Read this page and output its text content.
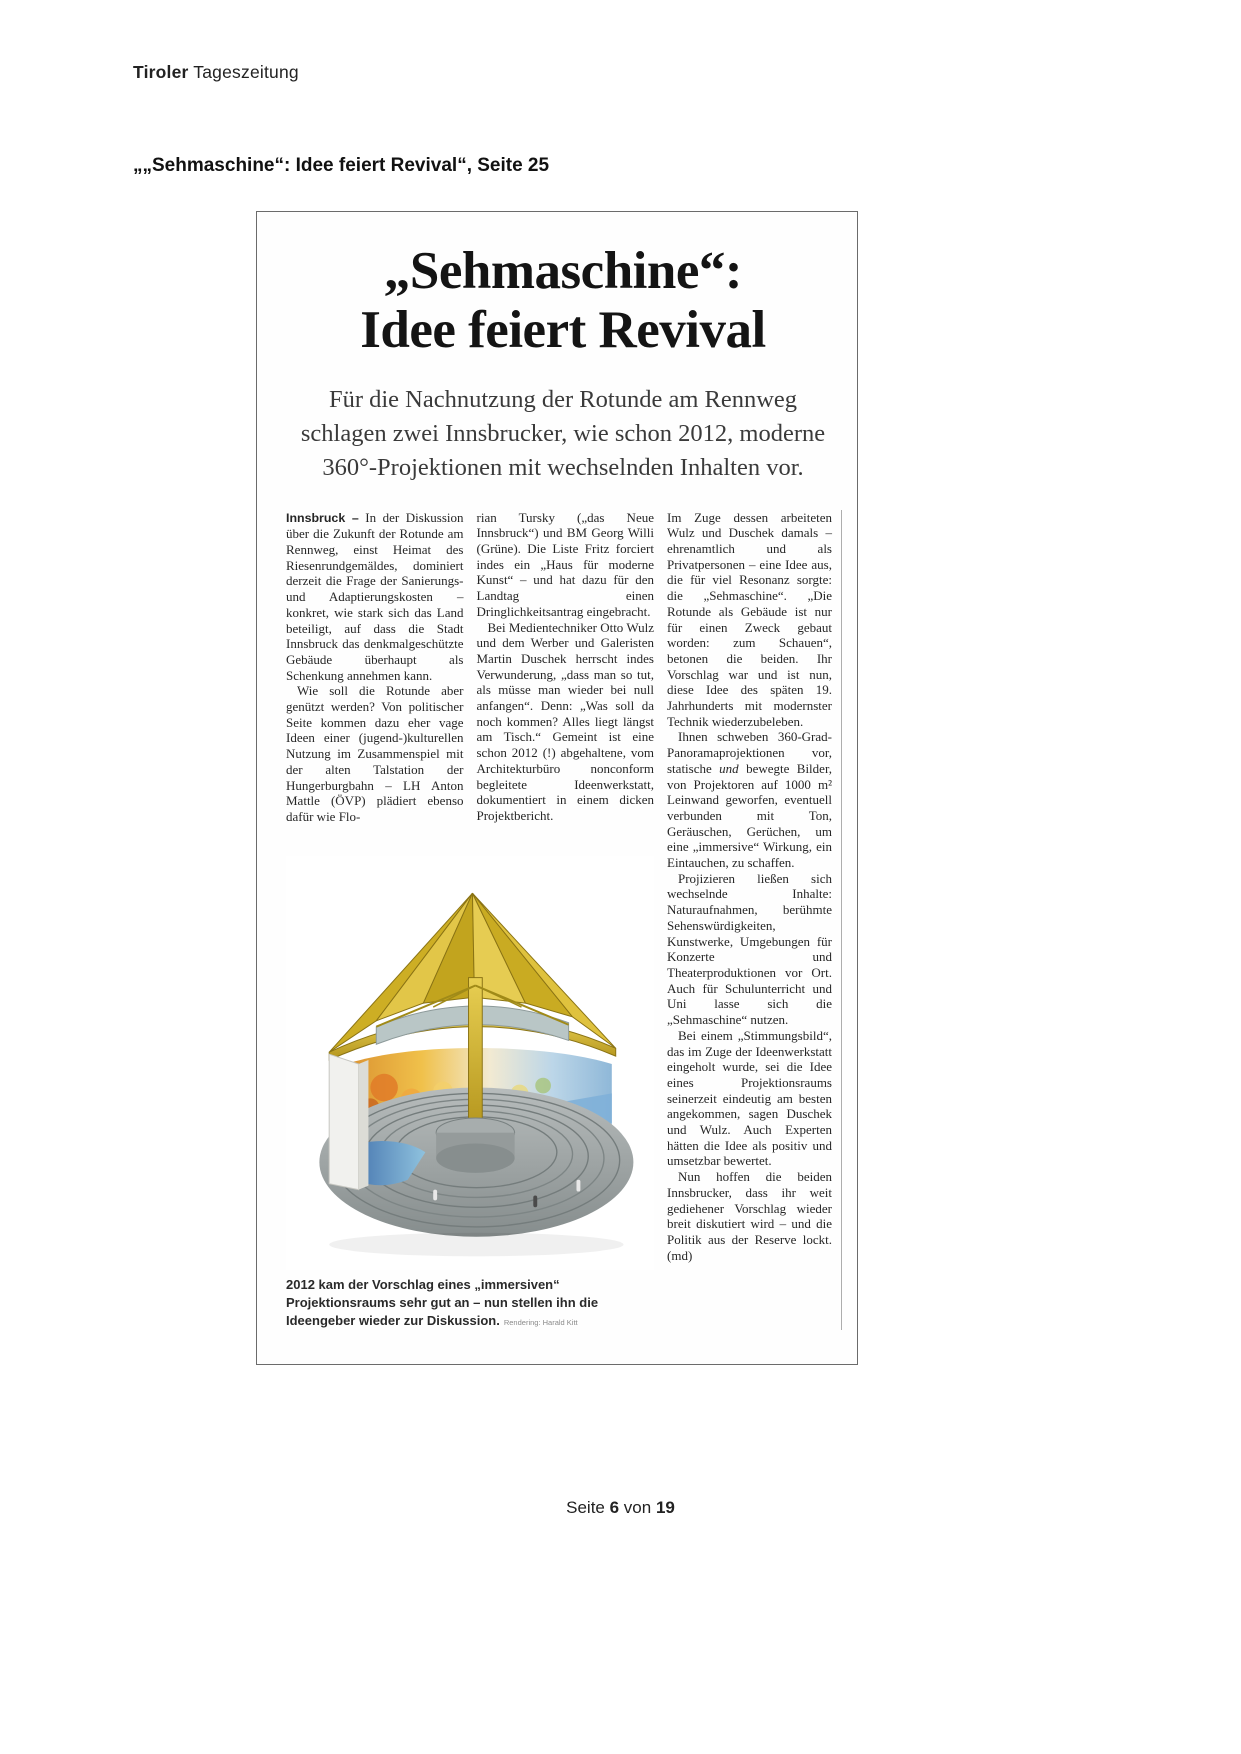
Tiroler Tageszeitung
„„Sehmaschine“: Idee feiert Revival“, Seite 25
„Sehmaschine“:
Idee feiert Revival
Für die Nachnutzung der Rotunde am Rennweg schlagen zwei Innsbrucker, wie schon 2012, moderne 360°-Projektionen mit wechselnden Inhalten vor.

Innsbruck – In der Diskussion über die Zukunft der Rotunde am Rennweg, einst Heimat des Riesenrundgemäldes, dominiert derzeit die Frage der Sanierungs- und Adaptierungskosten – konkret, wie stark sich das Land beteiligt, auf dass die Stadt Innsbruck das denkmalgeschützte Gebäude überhaupt als Schenkung annehmen kann.

Wie soll die Rotunde aber genützt werden? Von politischer Seite kommen dazu eher vage Ideen einer (jugend-)kulturellen Nutzung im Zusammenspiel mit der alten Talstation der Hungerburgbahn – LH Anton Mattle (ÖVP) plädiert ebenso dafür wie Flo-

rian Tursky („das Neue Innsbruck“) und BM Georg Willi (Grüne). Die Liste Fritz forciert indes ein „Haus für moderne Kunst“ – und hat dazu für den Landtag einen Dringlichkeitsantrag eingebracht.

Bei Medientechniker Otto Wulz und dem Werber und Galeristen Martin Duschek herrscht indes Verwunderung, „dass man so tut, als müsse man wieder bei null anfangen“. Denn: „Was soll da noch kommen? Alles liegt längst am Tisch.“ Gemeint ist eine schon 2012 (!) abgehaltene, vom Architekturbüro nonconform begleitete Ideenwerkstatt, dokumentiert in einem dicken Projektbericht.

2012 kam der Vorschlag eines „immersiven“ Projektionsraums sehr gut an – nun stellen ihn die Ideengeber wieder zur Diskussion. Rendering: Harald Kitt

Im Zuge dessen arbeiteten Wulz und Duschek damals – ehrenamtlich und als Privatpersonen – eine Idee aus, die für viel Resonanz sorgte: die „Sehmaschine“. „Die Rotunde als Gebäude ist nur für einen Zweck gebaut worden: zum Schauen“, betonen die beiden. Ihr Vorschlag war und ist nun, diese Idee des späten 19. Jahrhunderts mit modernster Technik wiederzubeleben.

Ihnen schweben 360-Grad-Panoramaprojektionen vor, statische und bewegte Bilder, von Projektoren auf 1000 m² Leinwand geworfen, eventuell verbunden mit Ton, Geräuschen, Gerüchen, um eine „immersive“ Wirkung, ein Eintauchen, zu schaffen.

Projizieren ließen sich wechselnde Inhalte: Naturaufnahmen, berühmte Sehenswürdigkeiten, Kunstwerke, Umgebungen für Konzerte und Theaterproduktionen vor Ort. Auch für Schulunterricht und Uni lasse sich die „Sehmaschine“ nutzen.

Bei einem „Stimmungsbild“, das im Zuge der Ideenwerkstatt eingeholt wurde, sei die Idee eines Projektionsraums seinerzeit eindeutig am besten angekommen, sagen Duschek und Wulz. Auch Experten hätten die Idee als positiv und umsetzbar bewertet.

Nun hoffen die beiden Innsbrucker, dass ihr weit gediehener Vorschlag wieder breit diskutiert wird – und die Politik aus der Reserve lockt. (md)

Seite 6 von 19
